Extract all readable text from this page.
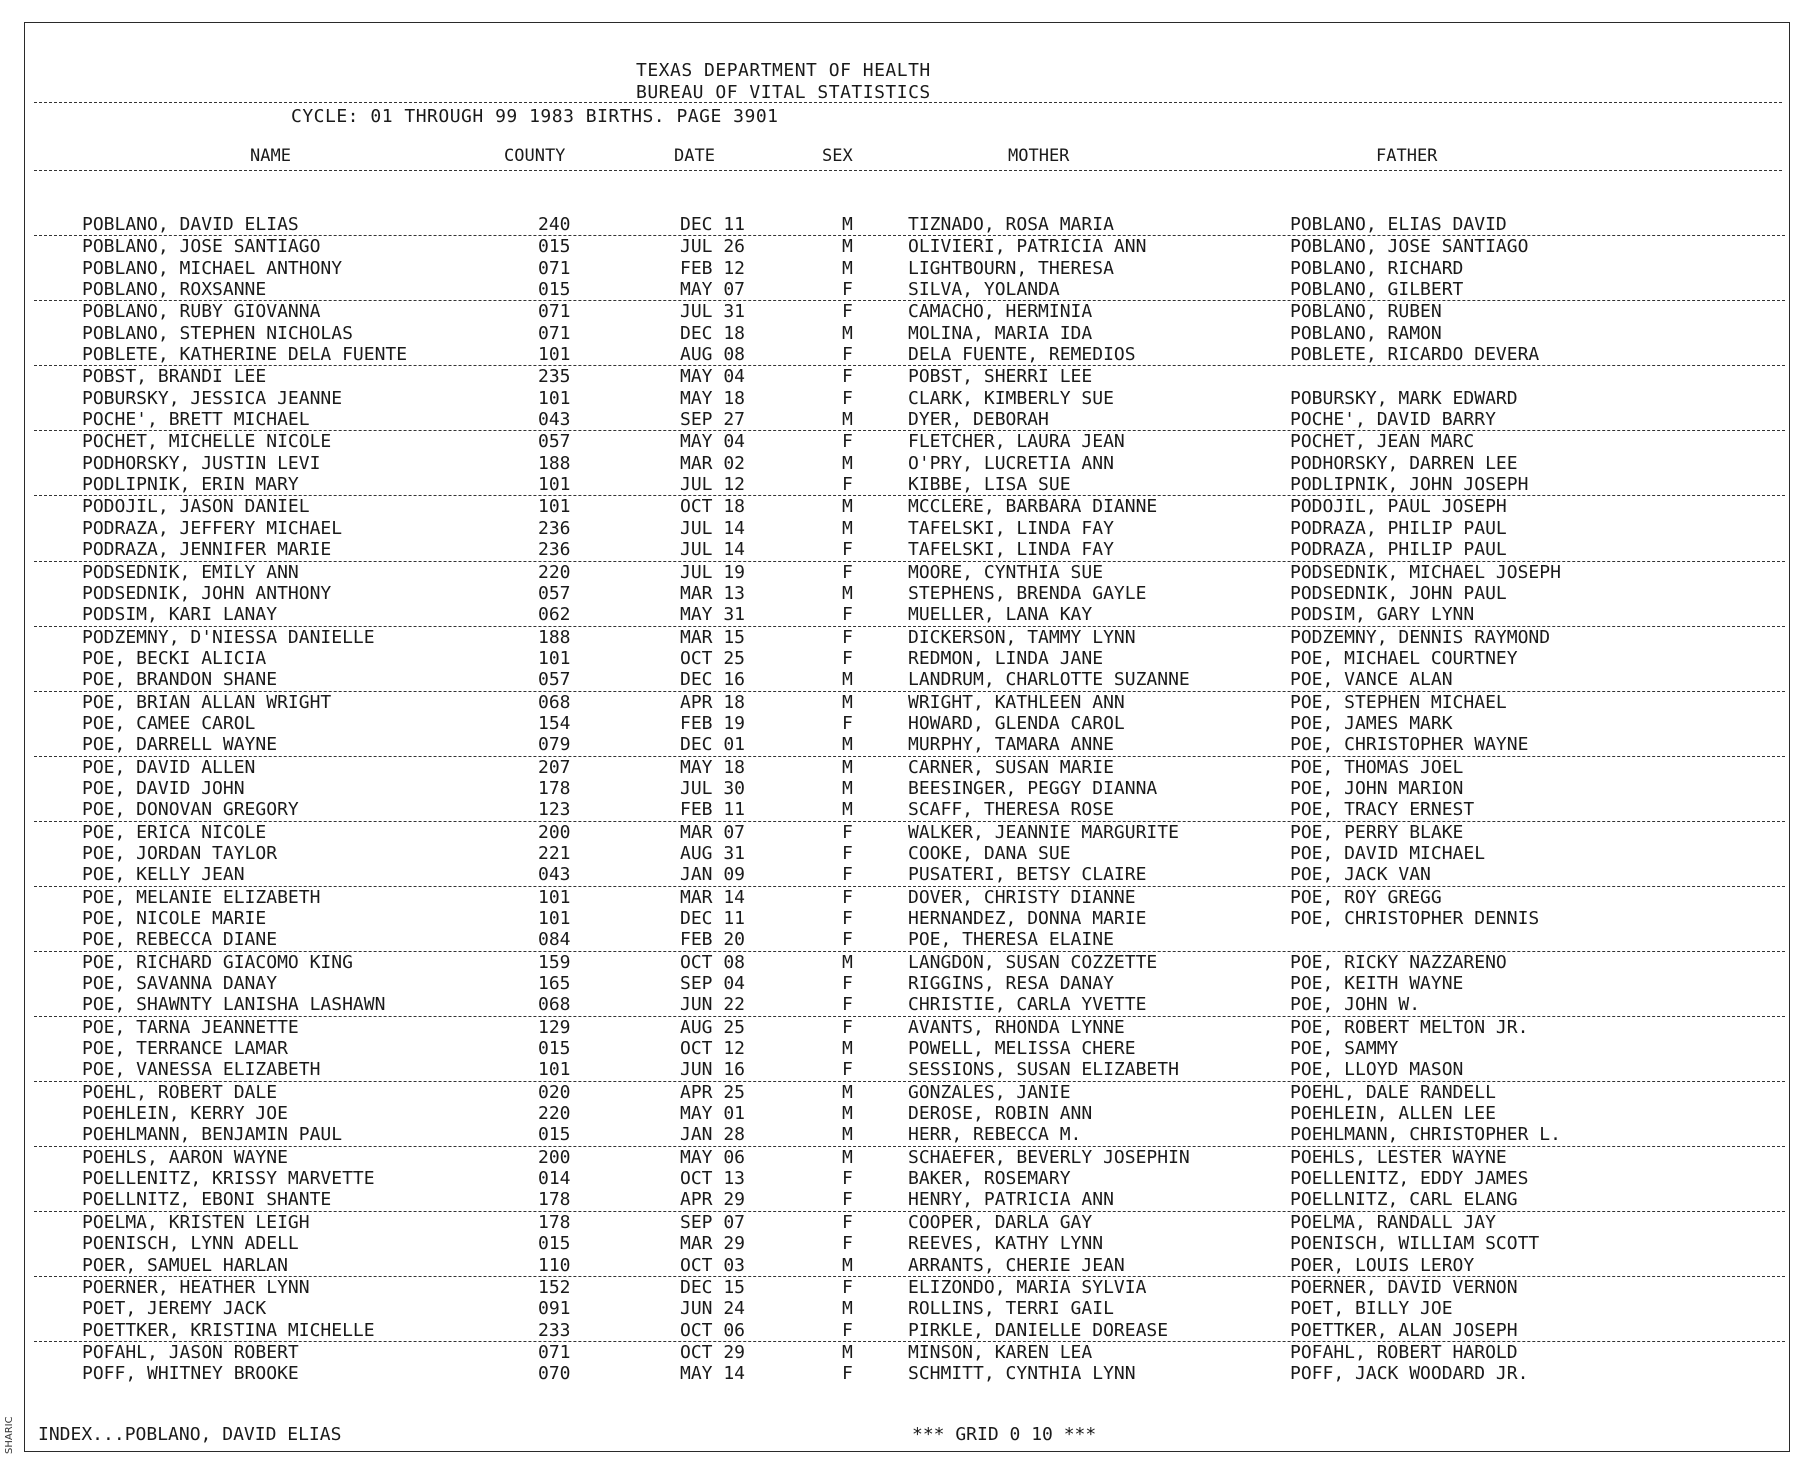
SHARIC
TEXAS DEPARTMENT OF HEALTH
BUREAU OF VITAL STATISTICS
CYCLE: 01 THROUGH 99 1983 BIRTHS. PAGE 3901
NAME	COUNTY	DATE	SEX	MOTHER	FATHER
POBLANO, DAVID ELIAS	240	DEC 11	M	TIZNADO, ROSA MARIA	POBLANO, ELIAS DAVID
POBLANO, JOSE SANTIAGO	015	JUL 26	M	OLIVIERI, PATRICIA ANN	POBLANO, JOSE SANTIAGO
POBLANO, MICHAEL ANTHONY	071	FEB 12	M	LIGHTBOURN, THERESA	POBLANO, RICHARD
POBLANO, ROXSANNE	015	MAY 07	F	SILVA, YOLANDA	POBLANO, GILBERT
POBLANO, RUBY GIOVANNA	071	JUL 31	F	CAMACHO, HERMINIA	POBLANO, RUBEN
POBLANO, STEPHEN NICHOLAS	071	DEC 18	M	MOLINA, MARIA IDA	POBLANO, RAMON
POBLETE, KATHERINE DELA FUENTE	101	AUG 08	F	DELA FUENTE, REMEDIOS	POBLETE, RICARDO DEVERA
POBST, BRANDI LEE	235	MAY 04	F	POBST, SHERRI LEE
POBURSKY, JESSICA JEANNE	101	MAY 18	F	CLARK, KIMBERLY SUE	POBURSKY, MARK EDWARD
POCHE', BRETT MICHAEL	043	SEP 27	M	DYER, DEBORAH	POCHE', DAVID BARRY
POCHET, MICHELLE NICOLE	057	MAY 04	F	FLETCHER, LAURA JEAN	POCHET, JEAN MARC
PODHORSKY, JUSTIN LEVI	188	MAR 02	M	O'PRY, LUCRETIA ANN	PODHORSKY, DARREN LEE
PODLIPNIK, ERIN MARY	101	JUL 12	F	KIBBE, LISA SUE	PODLIPNIK, JOHN JOSEPH
PODOJIL, JASON DANIEL	101	OCT 18	M	MCCLERE, BARBARA DIANNE	PODOJIL, PAUL JOSEPH
PODRAZA, JEFFERY MICHAEL	236	JUL 14	M	TAFELSKI, LINDA FAY	PODRAZA, PHILIP PAUL
PODRAZA, JENNIFER MARIE	236	JUL 14	F	TAFELSKI, LINDA FAY	PODRAZA, PHILIP PAUL
PODSEDNIK, EMILY ANN	220	JUL 19	F	MOORE, CYNTHIA SUE	PODSEDNIK, MICHAEL JOSEPH
PODSEDNIK, JOHN ANTHONY	057	MAR 13	M	STEPHENS, BRENDA GAYLE	PODSEDNIK, JOHN PAUL
PODSIM, KARI LANAY	062	MAY 31	F	MUELLER, LANA KAY	PODSIM, GARY LYNN
PODZEMNY, D'NIESSA DANIELLE	188	MAR 15	F	DICKERSON, TAMMY LYNN	PODZEMNY, DENNIS RAYMOND
POE, BECKI ALICIA	101	OCT 25	F	REDMON, LINDA JANE	POE, MICHAEL COURTNEY
POE, BRANDON SHANE	057	DEC 16	M	LANDRUM, CHARLOTTE SUZANNE	POE, VANCE ALAN
POE, BRIAN ALLAN WRIGHT	068	APR 18	M	WRIGHT, KATHLEEN ANN	POE, STEPHEN MICHAEL
POE, CAMEE CAROL	154	FEB 19	F	HOWARD, GLENDA CAROL	POE, JAMES MARK
POE, DARRELL WAYNE	079	DEC 01	M	MURPHY, TAMARA ANNE	POE, CHRISTOPHER WAYNE
POE, DAVID ALLEN	207	MAY 18	M	CARNER, SUSAN MARIE	POE, THOMAS JOEL
POE, DAVID JOHN	178	JUL 30	M	BEESINGER, PEGGY DIANNA	POE, JOHN MARION
POE, DONOVAN GREGORY	123	FEB 11	M	SCAFF, THERESA ROSE	POE, TRACY ERNEST
POE, ERICA NICOLE	200	MAR 07	F	WALKER, JEANNIE MARGURITE	POE, PERRY BLAKE
POE, JORDAN TAYLOR	221	AUG 31	F	COOKE, DANA SUE	POE, DAVID MICHAEL
POE, KELLY JEAN	043	JAN 09	F	PUSATERI, BETSY CLAIRE	POE, JACK VAN
POE, MELANIE ELIZABETH	101	MAR 14	F	DOVER, CHRISTY DIANNE	POE, ROY GREGG
POE, NICOLE MARIE	101	DEC 11	F	HERNANDEZ, DONNA MARIE	POE, CHRISTOPHER DENNIS
POE, REBECCA DIANE	084	FEB 20	F	POE, THERESA ELAINE
POE, RICHARD GIACOMO KING	159	OCT 08	M	LANGDON, SUSAN COZZETTE	POE, RICKY NAZZARENO
POE, SAVANNA DANAY	165	SEP 04	F	RIGGINS, RESA DANAY	POE, KEITH WAYNE
POE, SHAWNTY LANISHA LASHAWN	068	JUN 22	F	CHRISTIE, CARLA YVETTE	POE, JOHN W.
POE, TARNA JEANNETTE	129	AUG 25	F	AVANTS, RHONDA LYNNE	POE, ROBERT MELTON JR.
POE, TERRANCE LAMAR	015	OCT 12	M	POWELL, MELISSA CHERE	POE, SAMMY
POE, VANESSA ELIZABETH	101	JUN 16	F	SESSIONS, SUSAN ELIZABETH	POE, LLOYD MASON
POEHL, ROBERT DALE	020	APR 25	M	GONZALES, JANIE	POEHL, DALE RANDELL
POEHLEIN, KERRY JOE	220	MAY 01	M	DEROSE, ROBIN ANN	POEHLEIN, ALLEN LEE
POEHLMANN, BENJAMIN PAUL	015	JAN 28	M	HERR, REBECCA M.	POEHLMANN, CHRISTOPHER L.
POEHLS, AARON WAYNE	200	MAY 06	M	SCHAEFER, BEVERLY JOSEPHIN	POEHLS, LESTER WAYNE
POELLENITZ, KRISSY MARVETTE	014	OCT 13	F	BAKER, ROSEMARY	POELLENITZ, EDDY JAMES
POELLNITZ, EBONI SHANTE	178	APR 29	F	HENRY, PATRICIA ANN	POELLNITZ, CARL ELANG
POELMA, KRISTEN LEIGH	178	SEP 07	F	COOPER, DARLA GAY	POELMA, RANDALL JAY
POENISCH, LYNN ADELL	015	MAR 29	F	REEVES, KATHY LYNN	POENISCH, WILLIAM SCOTT
POER, SAMUEL HARLAN	110	OCT 03	M	ARRANTS, CHERIE JEAN	POER, LOUIS LEROY
POERNER, HEATHER LYNN	152	DEC 15	F	ELIZONDO, MARIA SYLVIA	POERNER, DAVID VERNON
POET, JEREMY JACK	091	JUN 24	M	ROLLINS, TERRI GAIL	POET, BILLY JOE
POETTKER, KRISTINA MICHELLE	233	OCT 06	F	PIRKLE, DANIELLE DOREASE	POETTKER, ALAN JOSEPH
POFAHL, JASON ROBERT	071	OCT 29	M	MINSON, KAREN LEA	POFAHL, ROBERT HAROLD
POFF, WHITNEY BROOKE	070	MAY 14	F	SCHMITT, CYNTHIA LYNN	POFF, JACK WOODARD JR.
INDEX...POBLANO, DAVID ELIAS	*** GRID 0 10 ***
